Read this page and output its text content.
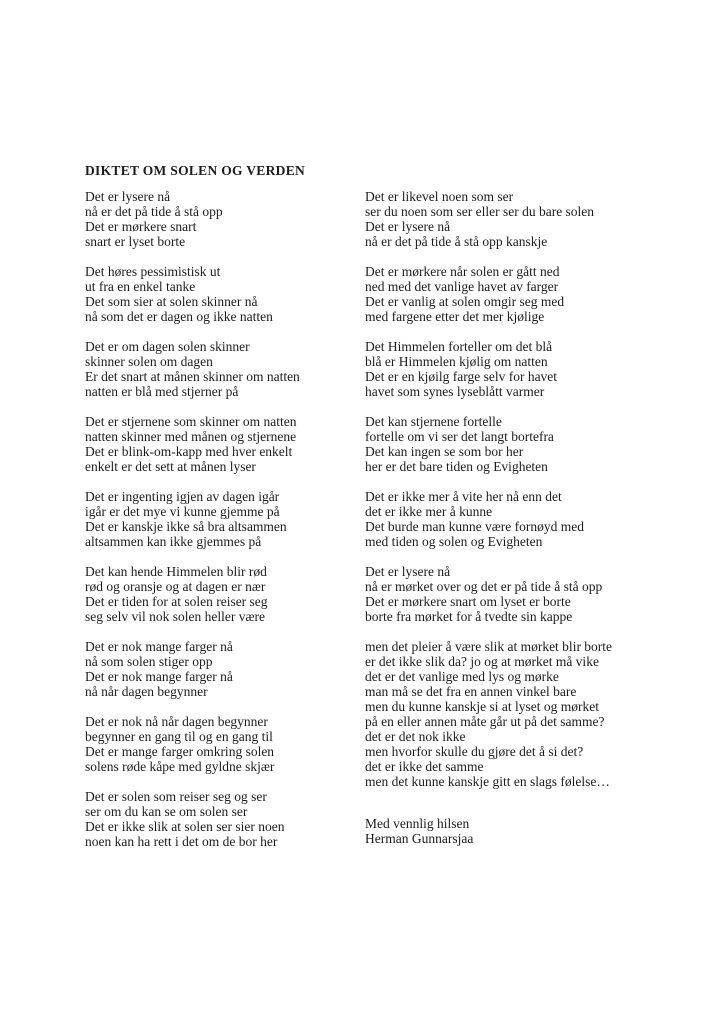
DIKTET OM SOLEN OG VERDEN
Det er lysere nå
nå er det på tide å stå opp
Det er mørkere snart
snart er lyset borte
Det høres pessimistisk ut
ut fra en enkel tanke
Det som sier at solen skinner nå
nå som det er dagen og ikke natten
Det er om dagen solen skinner
skinner solen om dagen
Er det snart at månen skinner om natten
natten er blå med stjerner på
Det er stjernene som skinner om natten
natten skinner med månen og stjernene
Det er blink-om-kapp med hver enkelt
enkelt er det sett at månen lyser
Det er ingenting igjen av dagen igår
igår er det mye vi kunne gjemme på
Det er kanskje ikke så bra altsammen
altsammen kan ikke gjemmes på
Det kan hende Himmelen blir rød
rød og oransje og at dagen er nær
Det er tiden for at solen reiser seg
seg selv vil nok solen heller være
Det er nok mange farger nå
nå som solen stiger opp
Det er nok mange farger nå
nå når dagen begynner
Det er nok nå når dagen begynner
begynner en gang til og en gang til
Det er mange farger omkring solen
solens røde kåpe med gyldne skjær
Det er solen som reiser seg og ser
ser om du kan se om solen ser
Det er ikke slik at solen ser sier noen
noen kan ha rett i det om de bor her
Det er likevel noen som ser
ser du noen som ser eller ser du bare solen
Det er lysere nå
nå er det på tide å stå opp kanskje
Det er mørkere når solen er gått ned
ned med det vanlige havet av farger
Det er vanlig at solen omgir seg med
med fargene etter det mer kjølige
Det Himmelen forteller om det blå
blå er Himmelen kjølig om natten
Det er en kjøilg farge selv for havet
havet som synes lyseblått varmer
Det kan stjernene fortelle
fortelle om vi ser det langt bortefra
Det kan ingen se som bor her
her er det bare tiden og Evigheten
Det er ikke mer å vite her nå enn det
det er ikke mer å kunne
Det burde man kunne være fornøyd med
med tiden og solen og Evigheten
Det er lysere nå
nå er mørket over og det er på tide å stå opp
Det er mørkere snart om lyset er borte
borte fra mørket for å tvedte sin kappe
men det pleier å være slik at mørket blir borte
er det ikke slik da? jo og at mørket må vike
det er det vanlige med lys og mørke
man må se det fra en annen vinkel bare
men du kunne kanskje si at lyset og mørket
på en eller annen måte går ut på det samme?
det er det nok ikke
men hvorfor skulle du gjøre det å si det?
det er ikke det samme
men det kunne kanskje gitt en slags følelse…
Med vennlig hilsen
Herman Gunnarsjaa
